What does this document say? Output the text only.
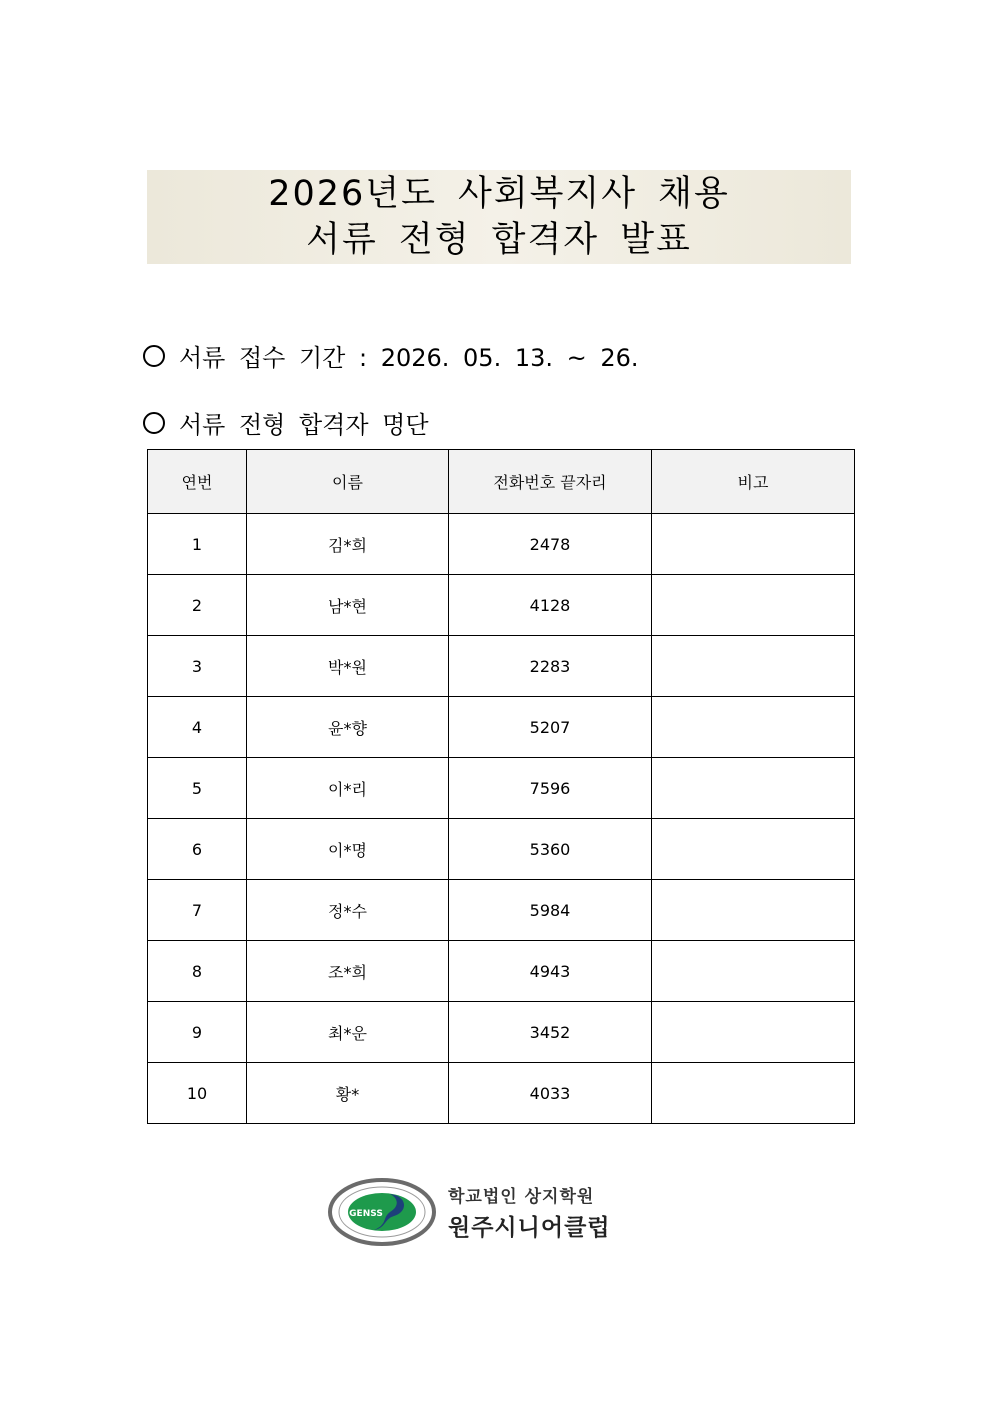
2026년도 사회복지사 채용
서류 전형 합격자 발표
서류 접수 기간 : 2026. 05. 13. ~ 26.
서류 전형 합격자 명단
연번	이름	전화번호 끝자리	비고
1	김*희	2478	
2	남*현	4128	
3	박*원	2283	
4	윤*향	5207	
5	이*리	7596	
6	이*명	5360	
7	정*수	5984	
8	조*희	4943	
9	최*운	3452	
10	황*	4033	
GENSS
학교법인 상지학원
원주시니어클럽
